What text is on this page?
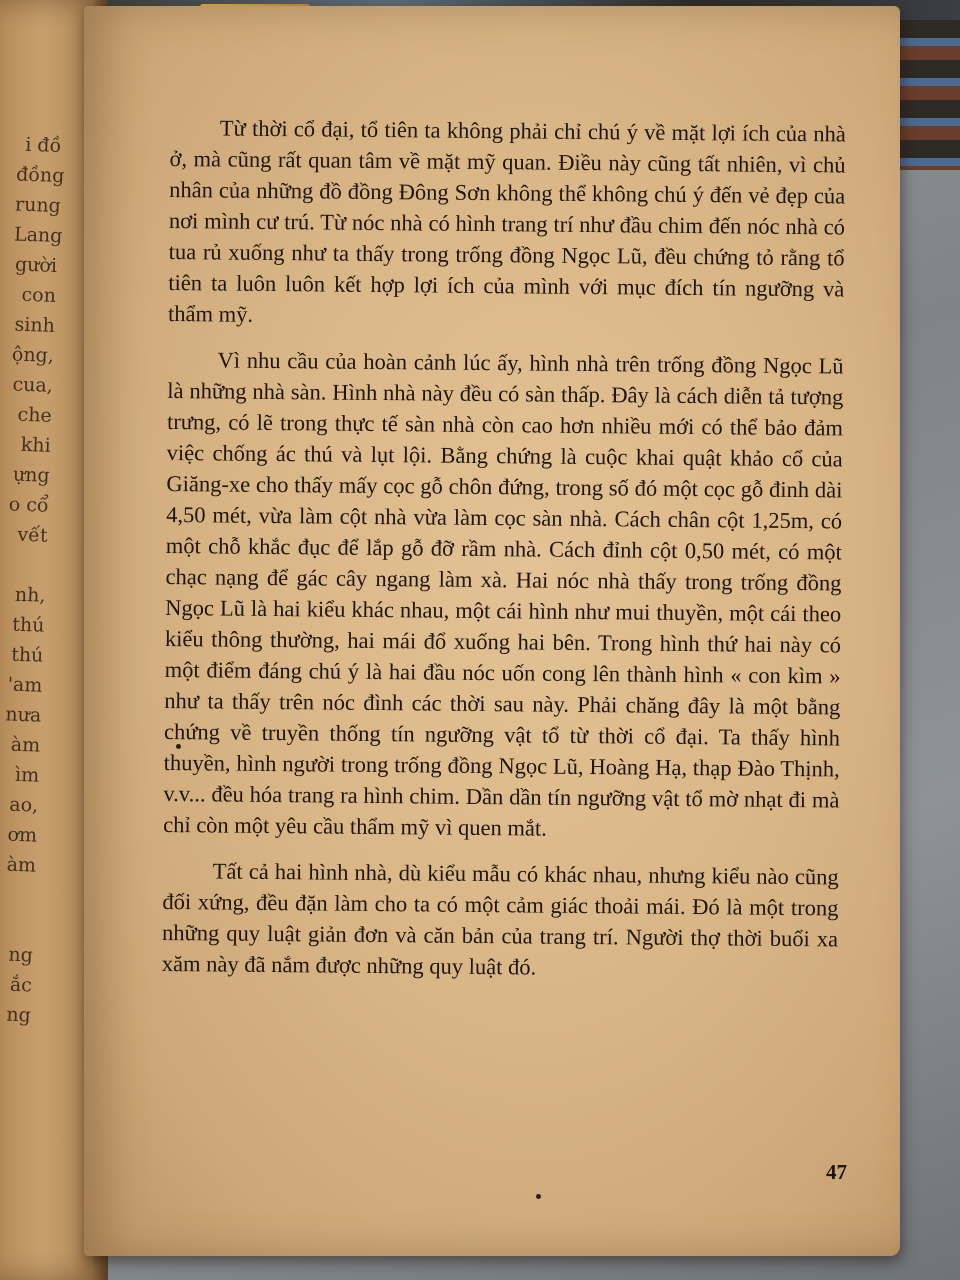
i đồ
đồng
rung
Lang
gười
con
sinh
ộng,
cua,
che
khi
ựng
o cổ
vết

nh,
thú
thú
'am
nưa
àm
ìm
ao,
ơm
àm

ng
ắc
ng

Từ thời cổ đại, tổ tiên ta không phải chỉ chú ý về mặt lợi ích của nhà ở, mà cũng rất quan tâm về mặt mỹ quan. Điều này cũng tất nhiên, vì chủ nhân của những đồ đồng Đông Sơn không thể không chú ý đến vẻ đẹp của nơi mình cư trú. Từ nóc nhà có hình trang trí như đầu chim đến nóc nhà có tua rủ xuống như ta thấy trong trống đồng Ngọc Lũ, đều chứng tỏ rằng tổ tiên ta luôn luôn kết hợp lợi ích của mình với mục đích tín ngưỡng và thẩm mỹ.

Vì nhu cầu của hoàn cảnh lúc ấy, hình nhà trên trống đồng Ngọc Lũ là những nhà sàn. Hình nhà này đều có sàn thấp. Đây là cách diễn tả tượng trưng, có lẽ trong thực tế sàn nhà còn cao hơn nhiều mới có thể bảo đảm việc chống ác thú và lụt lội. Bằng chứng là cuộc khai quật khảo cổ của Giăng-xe cho thấy mấy cọc gỗ chôn đứng, trong số đó một cọc gỗ đinh dài 4,50 mét, vừa làm cột nhà vừa làm cọc sàn nhà. Cách chân cột 1,25m, có một chỗ khắc đục để lắp gỗ đỡ rầm nhà. Cách đỉnh cột 0,50 mét, có một chạc nạng để gác cây ngang làm xà. Hai nóc nhà thấy trong trống đồng Ngọc Lũ là hai kiểu khác nhau, một cái hình như mui thuyền, một cái theo kiểu thông thường, hai mái đổ xuống hai bên. Trong hình thứ hai này có một điểm đáng chú ý là hai đầu nóc uốn cong lên thành hình « con kìm » như ta thấy trên nóc đình các thời sau này. Phải chăng đây là một bằng chứng về truyền thống tín ngưỡng vật tổ từ thời cổ đại. Ta thấy hình thuyền, hình người trong trống đồng Ngọc Lũ, Hoàng Hạ, thạp Đào Thịnh, v.v... đều hóa trang ra hình chim. Dần dần tín ngưỡng vật tổ mờ nhạt đi mà chỉ còn một yêu cầu thẩm mỹ vì quen mắt.

Tất cả hai hình nhà, dù kiểu mẫu có khác nhau, nhưng kiểu nào cũng đối xứng, đều đặn làm cho ta có một cảm giác thoải mái. Đó là một trong những quy luật giản đơn và căn bản của trang trí. Người thợ thời buổi xa xăm này đã nắm được những quy luật đó.

47
